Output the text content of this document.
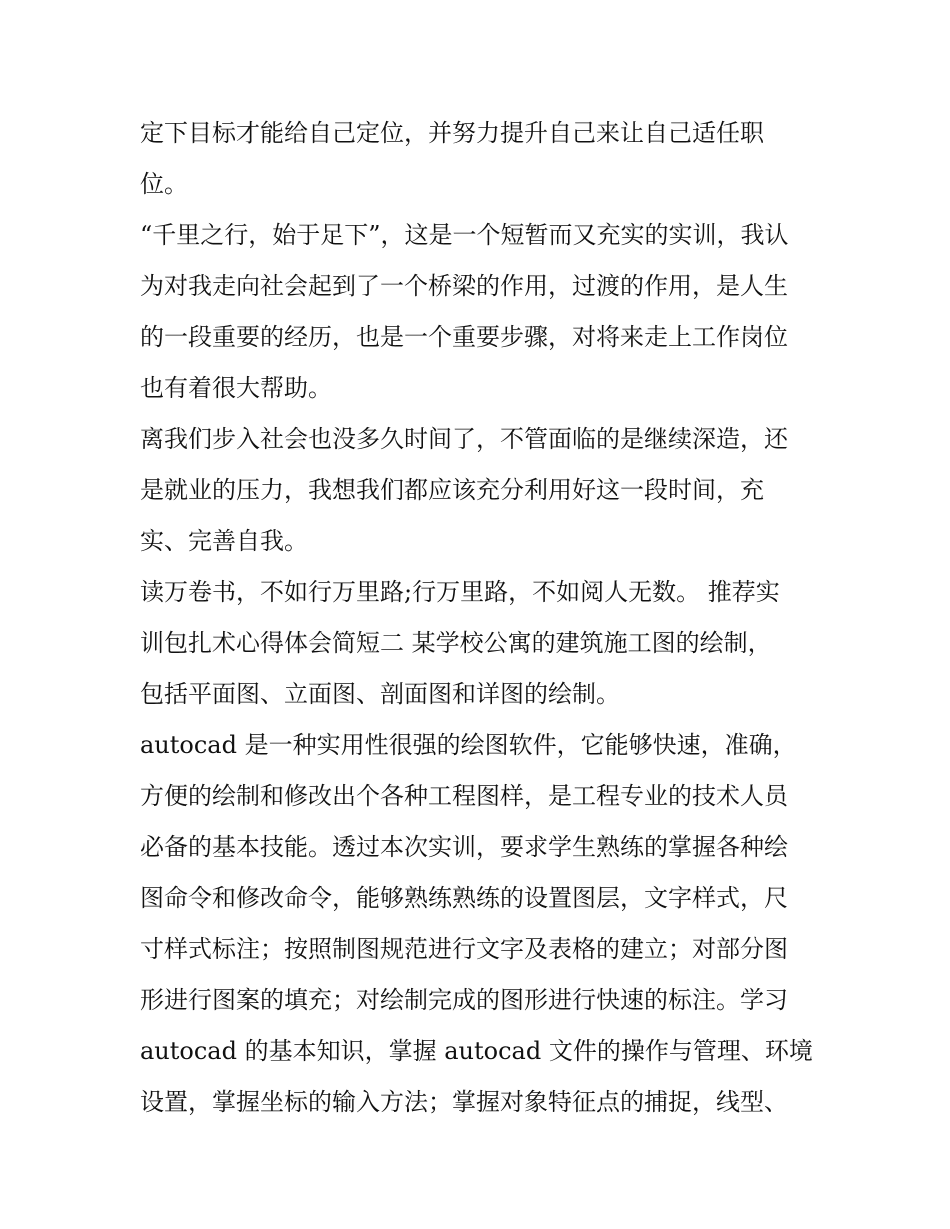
定下目标才能给自己定位，并努力提升自己来让自己适任职
位。
“千里之行，始于足下”，这是一个短暂而又充实的实训，我认
为对我走向社会起到了一个桥梁的作用，过渡的作用，是人生
的一段重要的经历，也是一个重要步骤，对将来走上工作岗位
也有着很大帮助。
离我们步入社会也没多久时间了，不管面临的是继续深造，还
是就业的压力，我想我们都应该充分利用好这一段时间，充
实、完善自我。
读万卷书，不如行万里路;行万里路，不如阅人无数。 推荐实
训包扎术心得体会简短二 某学校公寓的建筑施工图的绘制，
包括平面图、立面图、剖面图和详图的绘制。
autocad 是一种实用性很强的绘图软件，它能够快速，准确，
方便的绘制和修改出个各种工程图样，是工程专业的技术人员
必备的基本技能。透过本次实训，要求学生熟练的掌握各种绘
图命令和修改命令，能够熟练熟练的设置图层，文字样式，尺
寸样式标注；按照制图规范进行文字及表格的建立；对部分图
形进行图案的填充；对绘制完成的图形进行快速的标注。学习
autocad 的基本知识，掌握 autocad 文件的操作与管理、环境
设置，掌握坐标的输入方法；掌握对象特征点的捕捉，线型、
